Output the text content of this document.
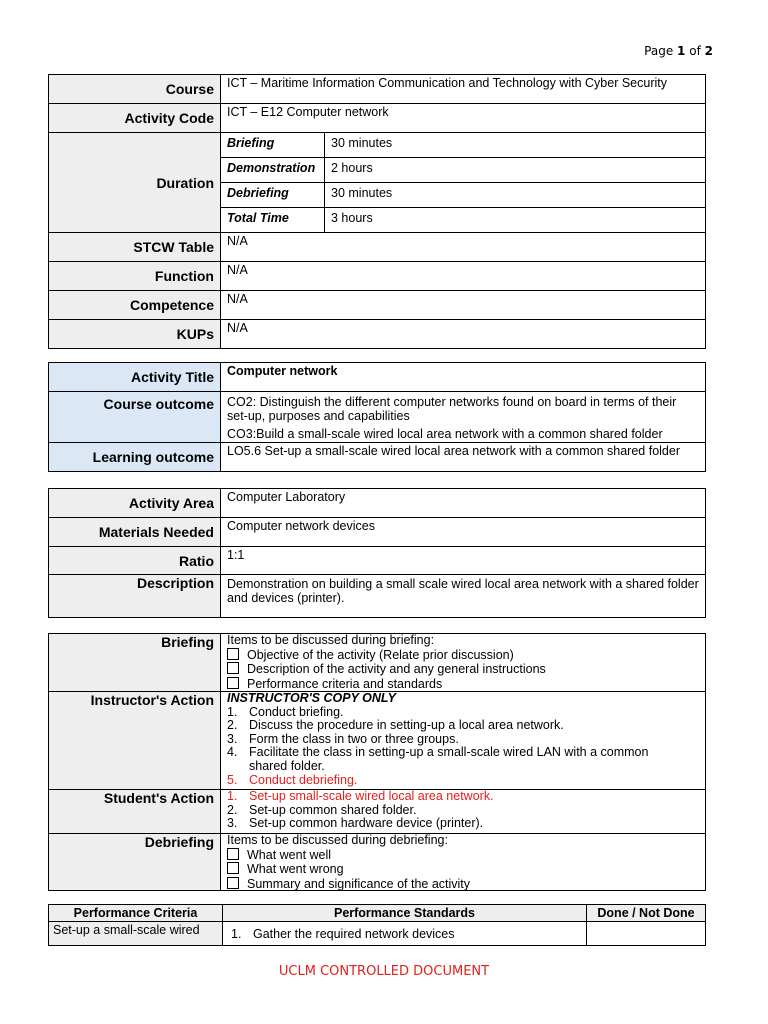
Page 1 of 2
Course	ICT – Maritime Information Communication and Technology with Cyber Security
Activity Code	ICT – E12 Computer network
Duration
Briefing	30 minutes
Demonstration	2 hours
Debriefing	30 minutes
Total Time	3 hours
STCW Table	N/A
Function	N/A
Competence	N/A
KUPs	N/A
Activity Title	Computer network
Course outcome	CO2: Distinguish the different computer networks found on board in terms of their set-up, purposes and capabilities
CO3:Build a small-scale wired local area network with a common shared folder
Learning outcome	LO5.6 Set-up a small-scale wired local area network with a common shared folder
Activity Area	Computer Laboratory
Materials Needed	Computer network devices
Ratio	1:1
Description	Demonstration on building a small scale wired local area network with a shared folder and devices (printer).
Briefing	Items to be discussed during briefing:
Objective of the activity (Relate prior discussion)
Description of the activity and any general instructions
Performance criteria and standards
Instructor's Action	INSTRUCTOR'S COPY ONLY
1. Conduct briefing.
2. Discuss the procedure in setting-up a local area network.
3. Form the class in two or three groups.
4. Facilitate the class in setting-up a small-scale wired LAN with a common
shared folder.
5. Conduct debriefing.
Student's Action	1. Set-up small-scale wired local area network.
2. Set-up common shared folder.
3. Set-up common hardware device (printer).
Debriefing	Items to be discussed during debriefing:
What went well
What went wrong
Summary and significance of the activity
Performance Criteria	Performance Standards	Done / Not Done
Set-up a small-scale wired	1. Gather the required network devices	
UCLM CONTROLLED DOCUMENT
